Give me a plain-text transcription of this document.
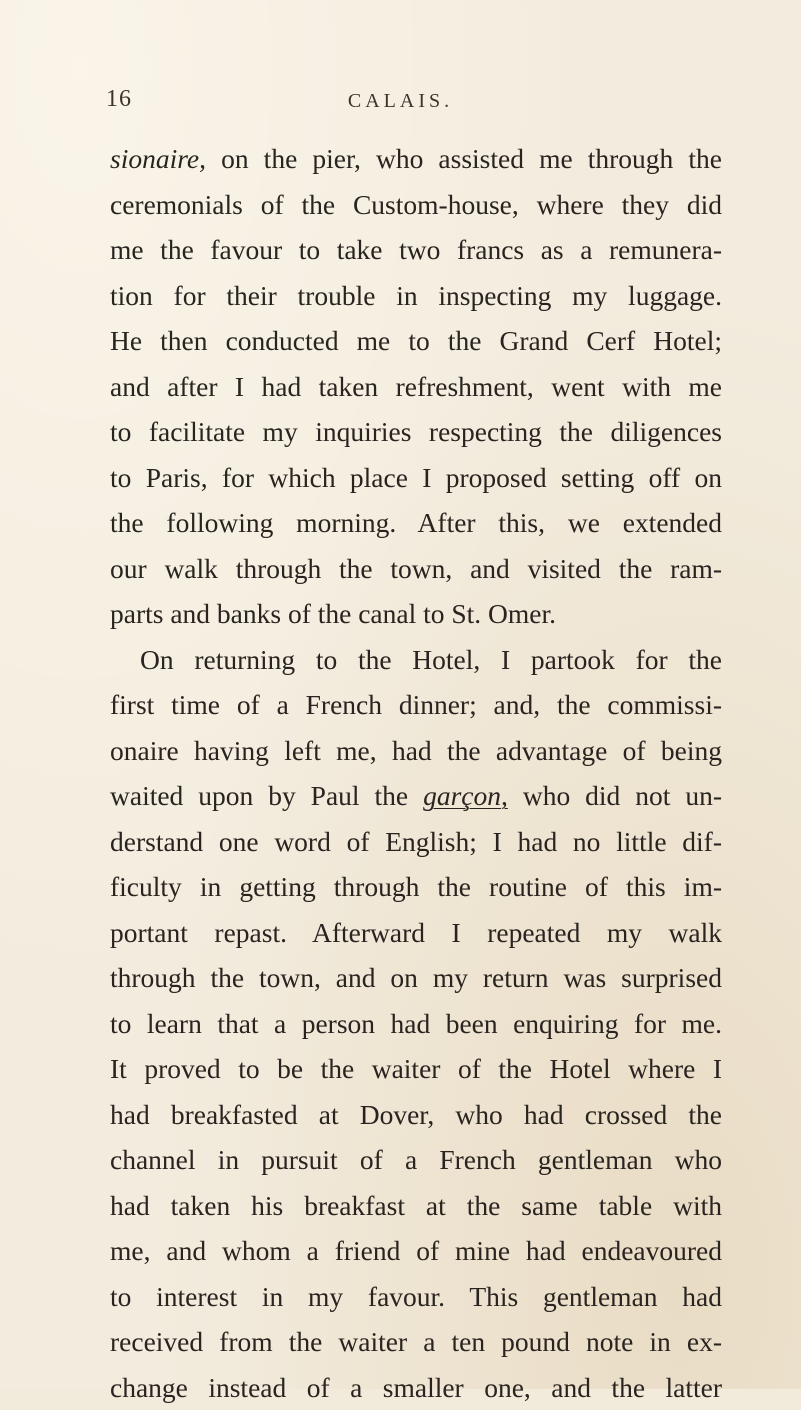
16	CALAIS.
sionaire, on the pier, who assisted me through the
ceremonials of the Custom-house, where they did
me the favour to take two francs as a remunera-
tion for their trouble in inspecting my luggage.
He then conducted me to the Grand Cerf Hotel;
and after I had taken refreshment, went with me
to facilitate my inquiries respecting the diligences
to Paris, for which place I proposed setting off on
the following morning. After this, we extended
our walk through the town, and visited the ram-
parts and banks of the canal to St. Omer.
On returning to the Hotel, I partook for the
first time of a French dinner; and, the commissi-
onaire having left me, had the advantage of being
waited upon by Paul the garçon, who did not un-
derstand one word of English; I had no little dif-
ficulty in getting through the routine of this im-
portant repast. Afterward I repeated my walk
through the town, and on my return was surprised
to learn that a person had been enquiring for me.
It proved to be the waiter of the Hotel where I
had breakfasted at Dover, who had crossed the
channel in pursuit of a French gentleman who
had taken his breakfast at the same table with
me, and whom a friend of mine had endeavoured
to interest in my favour. This gentleman had
received from the waiter a ten pound note in ex-
change instead of a smaller one, and the latter
